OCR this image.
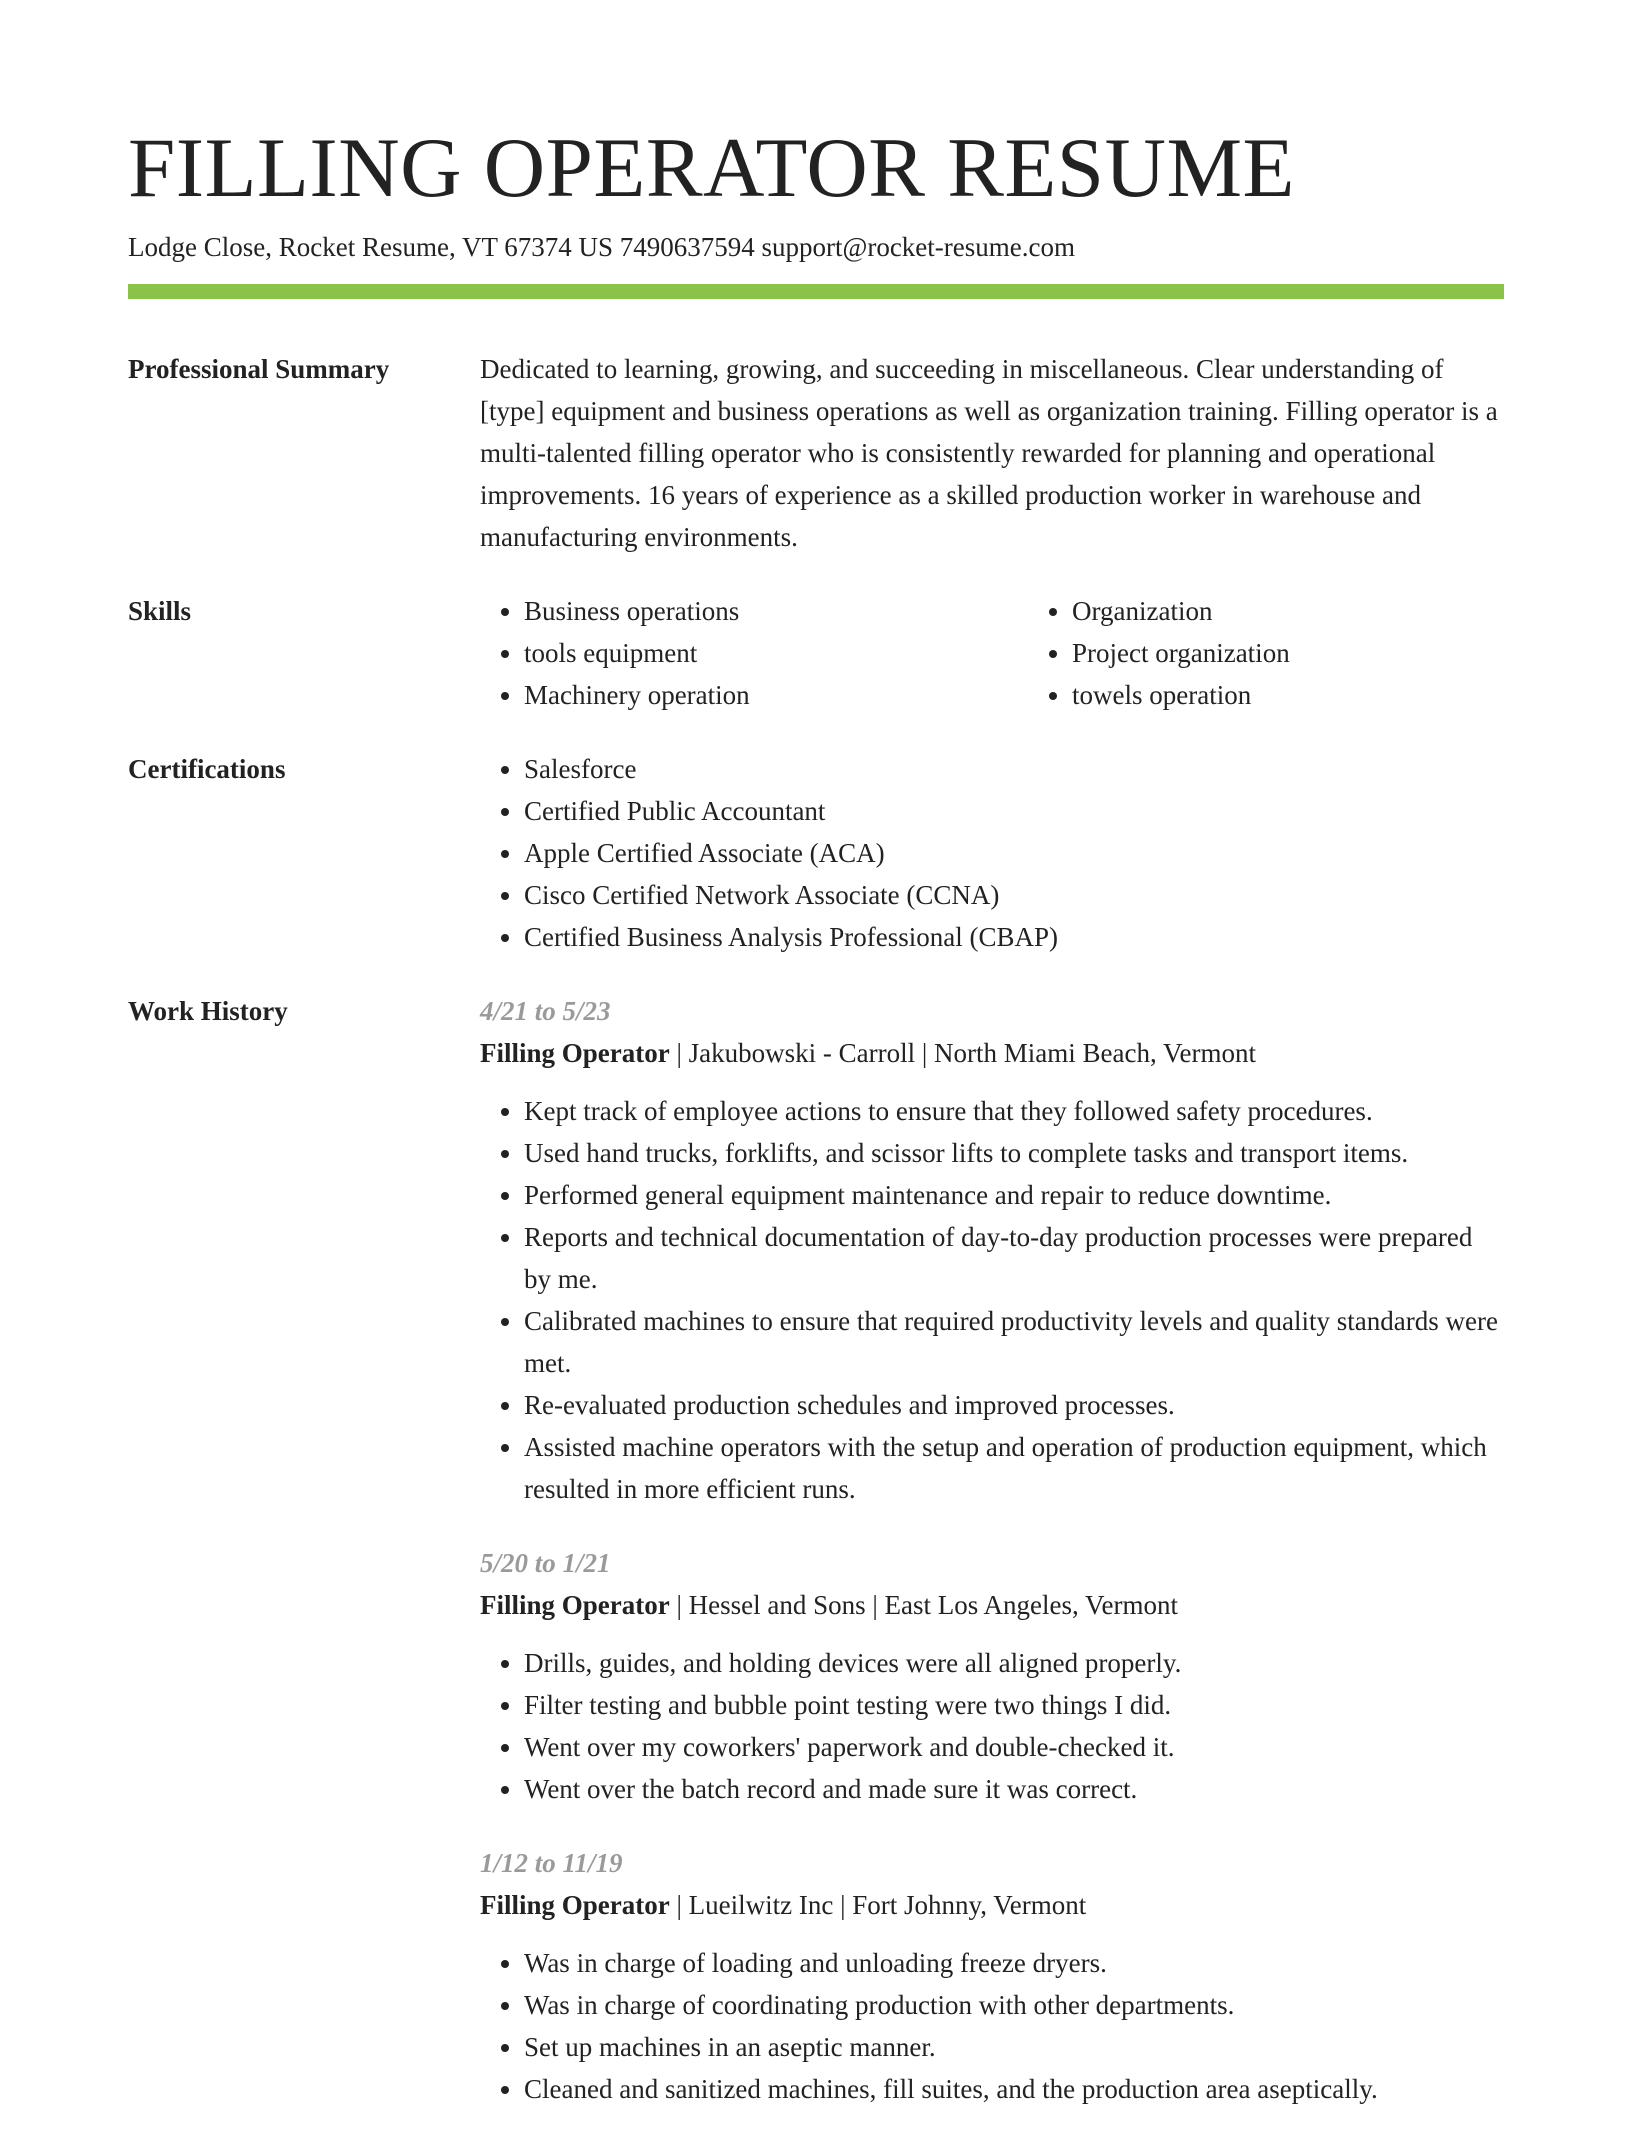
FILLING OPERATOR RESUME
Lodge Close, Rocket Resume, VT 67374 US 7490637594 support@rocket-resume.com
Professional Summary	Dedicated to learning, growing, and succeeding in miscellaneous. Clear understanding of [type] equipment and business operations as well as organization training. Filling operator is a multi-talented filling operator who is consistently rewarded for planning and operational improvements. 16 years of experience as a skilled production worker in warehouse and manufacturing environments.
Skills	• Business operations
• tools equipment
• Machinery operation
• Organization
• Project organization
• towels operation
Certifications	• Salesforce
• Certified Public Accountant
• Apple Certified Associate (ACA)
• Cisco Certified Network Associate (CCNA)
• Certified Business Analysis Professional (CBAP)
Work History	4/21 to 5/23
Filling Operator | Jakubowski - Carroll | North Miami Beach, Vermont
• Kept track of employee actions to ensure that they followed safety procedures.
• Used hand trucks, forklifts, and scissor lifts to complete tasks and transport items.
• Performed general equipment maintenance and repair to reduce downtime.
• Reports and technical documentation of day-to-day production processes were prepared by me.
• Calibrated machines to ensure that required productivity levels and quality standards were met.
• Re-evaluated production schedules and improved processes.
• Assisted machine operators with the setup and operation of production equipment, which resulted in more efficient runs.
5/20 to 1/21
Filling Operator | Hessel and Sons | East Los Angeles, Vermont
• Drills, guides, and holding devices were all aligned properly.
• Filter testing and bubble point testing were two things I did.
• Went over my coworkers' paperwork and double-checked it.
• Went over the batch record and made sure it was correct.
1/12 to 11/19
Filling Operator | Lueilwitz Inc | Fort Johnny, Vermont
• Was in charge of loading and unloading freeze dryers.
• Was in charge of coordinating production with other departments.
• Set up machines in an aseptic manner.
• Cleaned and sanitized machines, fill suites, and the production area aseptically.
